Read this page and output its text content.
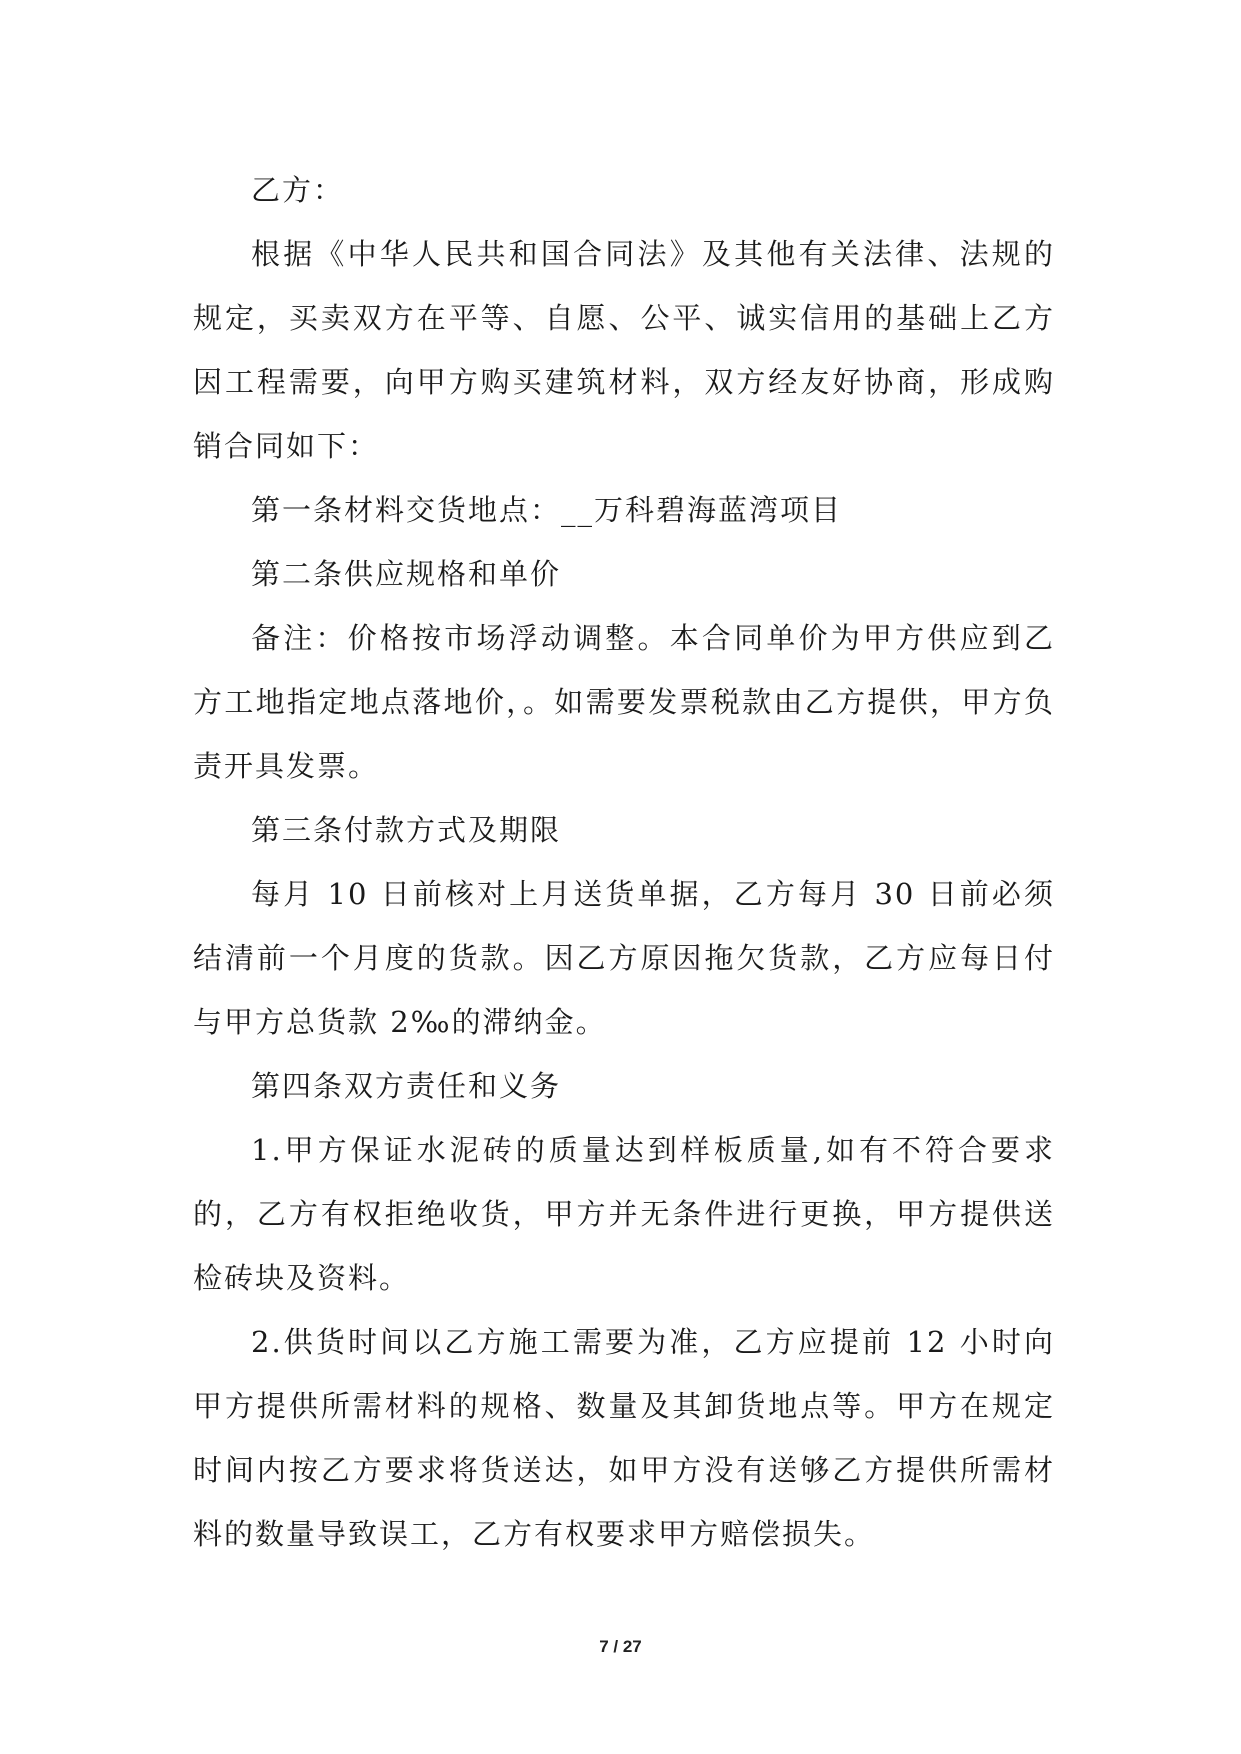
乙方：

根据《中华人民共和国合同法》及其他有关法律、法规的规定，买卖双方在平等、自愿、公平、诚实信用的基础上乙方因工程需要，向甲方购买建筑材料，双方经友好协商，形成购销合同如下：

第一条材料交货地点：__万科碧海蓝湾项目

第二条供应规格和单价

备注：价格按市场浮动调整。本合同单价为甲方供应到乙方工地指定地点落地价，。如需要发票税款由乙方提供，甲方负责开具发票。

第三条付款方式及期限

每月 10 日前核对上月送货单据，乙方每月 30 日前必须结清前一个月度的货款。因乙方原因拖欠货款，乙方应每日付与甲方总货款 2‰的滞纳金。

第四条双方责任和义务

1.甲方保证水泥砖的质量达到样板质量,如有不符合要求的，乙方有权拒绝收货，甲方并无条件进行更换，甲方提供送检砖块及资料。

2.供货时间以乙方施工需要为准，乙方应提前 12 小时向甲方提供所需材料的规格、数量及其卸货地点等。甲方在规定时间内按乙方要求将货送达，如甲方没有送够乙方提供所需材料的数量导致误工，乙方有权要求甲方赔偿损失。

7 / 27
